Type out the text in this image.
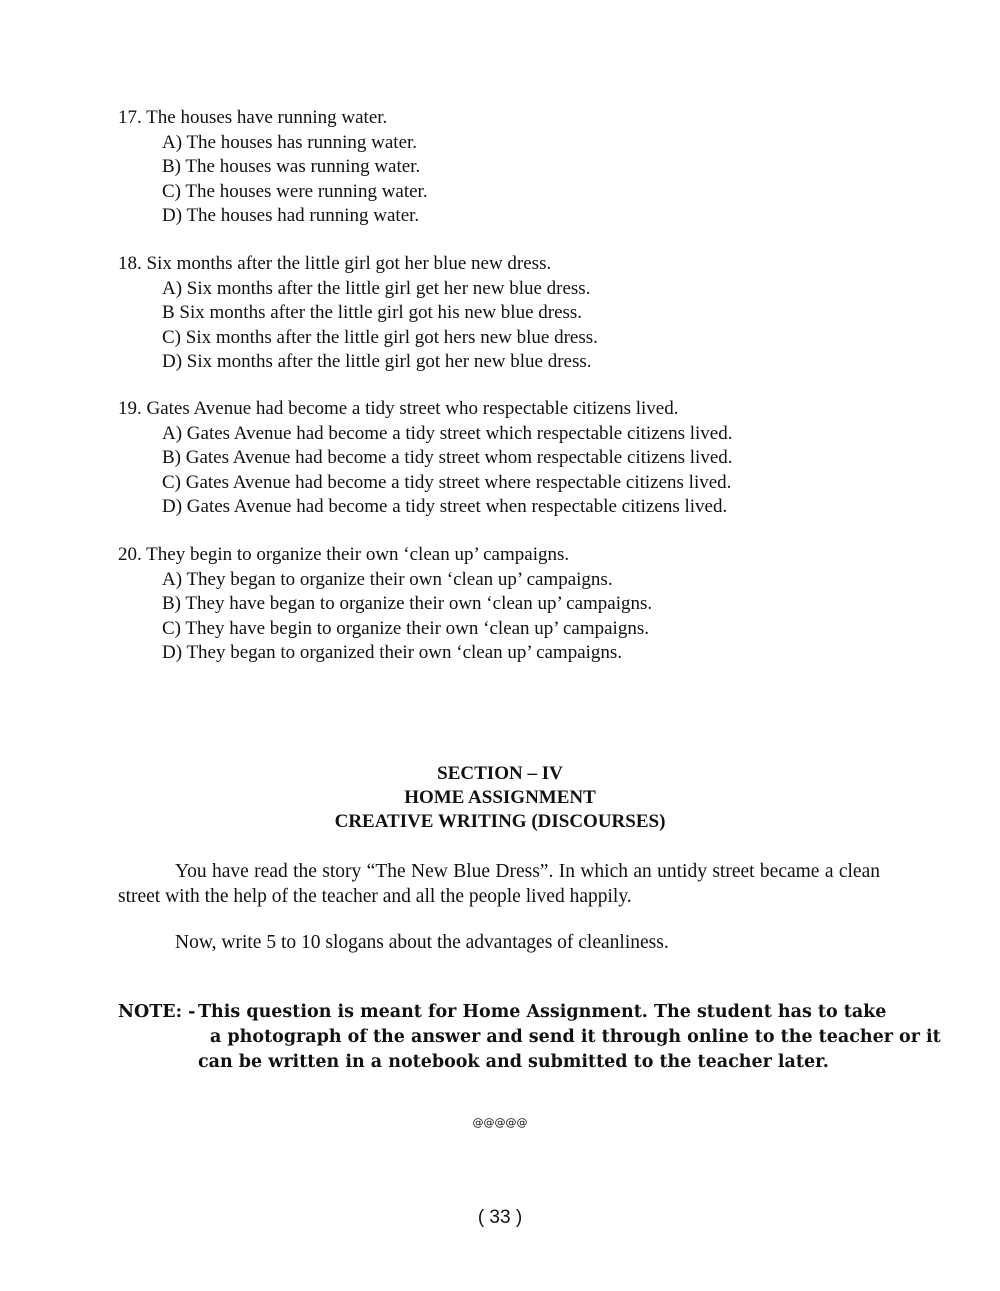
17. The houses have running water.
A) The houses has running water.
B) The houses was running water.
C) The houses were running water.
D) The houses had running water.
18. Six months after the little girl got her blue new dress.
A) Six months after the little girl get her new blue dress.
B Six months after the little girl got his new blue dress.
C) Six months after the little girl got hers new blue dress.
D) Six months after the little girl got her new blue dress.
19. Gates Avenue had become a tidy street who respectable citizens lived.
A) Gates Avenue had become a tidy street which respectable citizens lived.
B) Gates Avenue had become a tidy street whom respectable citizens lived.
C) Gates Avenue had become a tidy street where respectable citizens lived.
D) Gates Avenue had become a tidy street when respectable citizens lived.
20. They begin to organize their own ‘clean up’ campaigns.
A) They began to organize their own ‘clean up’ campaigns.
B) They have began to organize their own ‘clean up’ campaigns.
C) They have begin to organize their own ‘clean up’ campaigns.
D) They began to organized their own ‘clean up’ campaigns.
SECTION – IV
HOME ASSIGNMENT
CREATIVE WRITING (DISCOURSES)
You have read the story “The New Blue Dress”. In which an untidy street became a clean street with the help of the teacher and all the people lived happily.
Now, write 5 to 10 slogans about the advantages of cleanliness.
NOTE: - This question is meant for Home Assignment. The student has to take
a photograph of the answer and send it through online to the teacher or it
can be written in a notebook and submitted to the teacher later.
@@@@@
( 33 )
